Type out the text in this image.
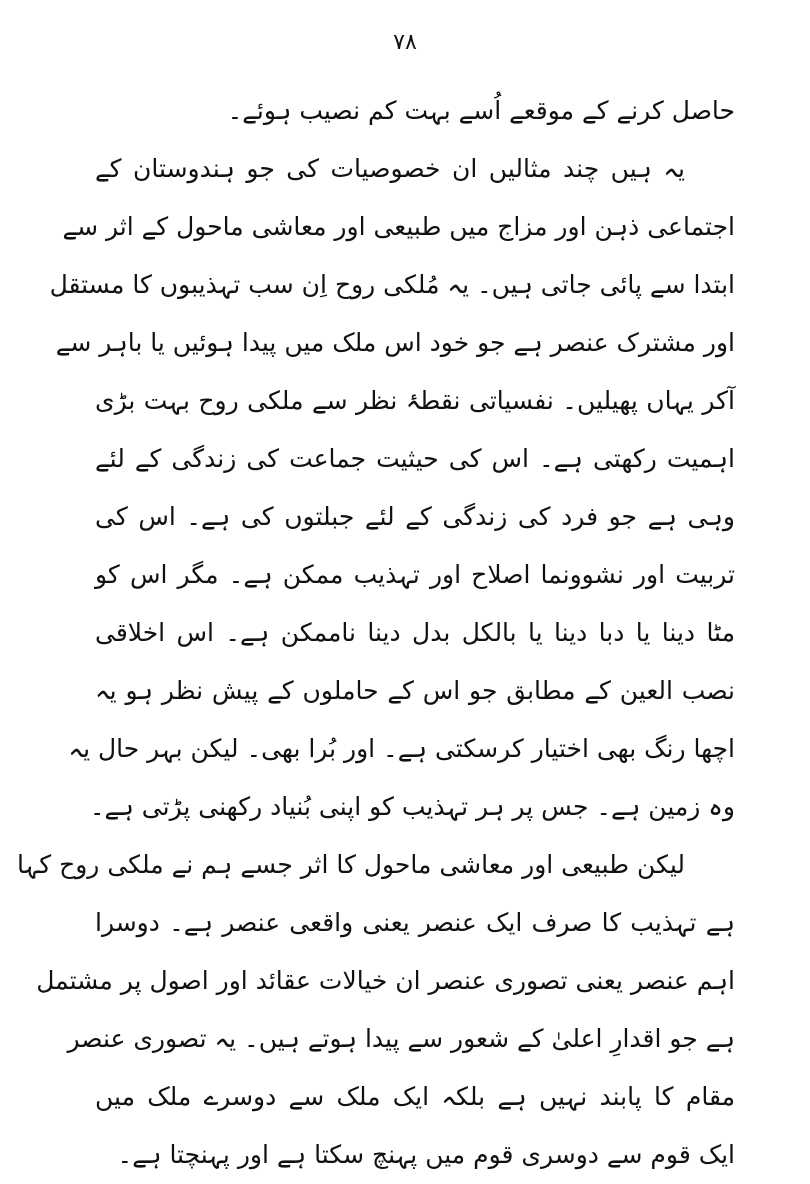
۷۸
حاصل کرنے کے موقعے اُسے بہت کم نصیب ہوئے۔
یہ ہیں چند مثالیں ان خصوصیات کی جو ہندوستان کے
اجتماعی ذہن اور مزاج میں طبیعی اور معاشی ماحول کے اثر سے
ابتدا سے پائی جاتی ہیں۔ یہ مُلکی روح اِن سب تہذیبوں کا مستقل
اور مشترک عنصر ہے جو خود اس ملک میں پیدا ہوئیں یا باہر سے
آکر یہاں پھیلیں۔ نفسیاتی نقطۂ نظر سے ملکی روح بہت بڑی
اہمیت رکھتی ہے۔ اس کی حیثیت جماعت کی زندگی کے لئے
وہی ہے جو فرد کی زندگی کے لئے جبلتوں کی ہے۔ اس کی
تربیت اور نشوونما اصلاح اور تہذیب ممکن ہے۔ مگر اس کو
مٹا دینا یا دبا دینا یا بالکل بدل دینا ناممکن ہے۔ اس اخلاقی
نصب العین کے مطابق جو اس کے حاملوں کے پیش نظر ہو یہ
اچھا رنگ بھی اختیار کرسکتی ہے۔ اور بُرا بھی۔ لیکن بہر حال یہ
وہ زمین ہے۔ جس پر ہر تہذیب کو اپنی بُنیاد رکھنی پڑتی ہے۔
لیکن طبیعی اور معاشی ماحول کا اثر جسے ہم نے ملکی روح کہا
ہے تہذیب کا صرف ایک عنصر یعنی واقعی عنصر ہے۔ دوسرا
اہم عنصر یعنی تصوری عنصر ان خیالات عقائد اور اصول پر مشتمل
ہے جو اقدارِ اعلیٰ کے شعور سے پیدا ہوتے ہیں۔ یہ تصوری عنصر
مقام کا پابند نہیں ہے بلکہ ایک ملک سے دوسرے ملک میں
ایک قوم سے دوسری قوم میں پہنچ سکتا ہے اور پہنچتا ہے۔
